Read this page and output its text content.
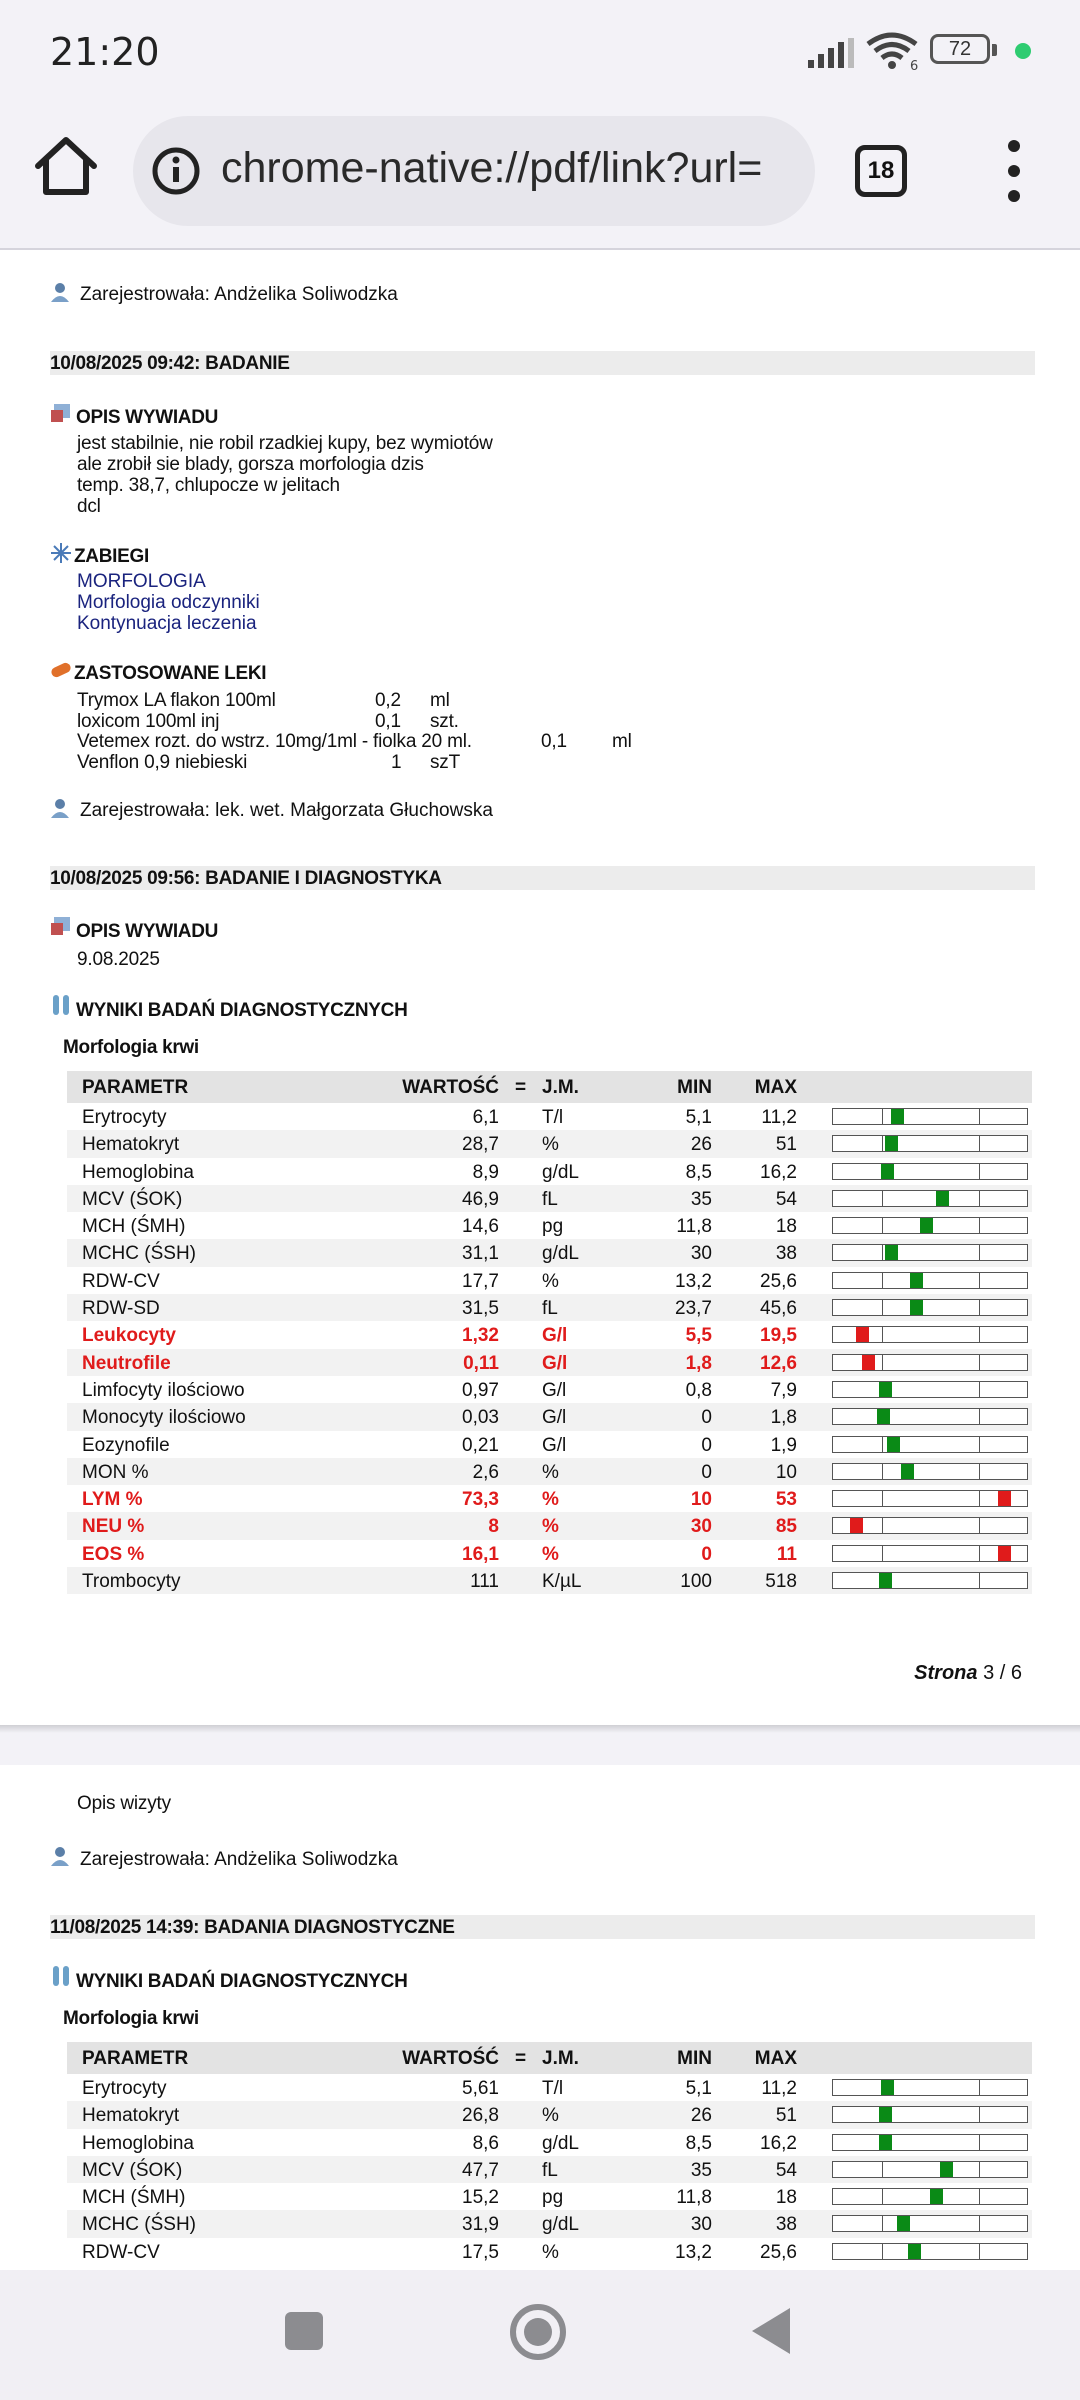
21:20	6
72
chrome-native://pdf/link?url=	18
Zarejestrowała: Andżelika Soliwodzka
10/08/2025 09:42: BADANIE
OPIS WYWIADU
jest stabilnie, nie robil rzadkiej kupy, bez wymiotów
ale zrobił sie blady, gorsza morfologia dzis
temp. 38,7, chlupocze w jelitach
dcl
ZABIEGI
MORFOLOGIA
Morfologia odczynniki
Kontynuacja leczenia
ZASTOSOWANE LEKI
Trymox LA flakon 100ml	0,2 ml
loxicom 100ml inj	0,1 szt.
Vetemex rozt. do wstrz. 10mg/1ml - fiolka 20 ml.	0,1 ml
Venflon 0,9 niebieski	1 szT
Zarejestrowała: lek. wet. Małgorzata Głuchowska
10/08/2025 09:56: BADANIE I DIAGNOSTYKA
OPIS WYWIADU
9.08.2025
WYNIKI BADAŃ DIAGNOSTYCZNYCH
Morfologia krwi
PARAMETR	WARTOŚĆ = J.M.	MIN MAX
Erytrocyty	6,1 T/l	5,1	11,2
Hematokryt	28,7 %	26	51
Hemoglobina	8,9 g/dL	8,5	16,2
MCV (ŚOK)	46,9 fL	35	54
MCH (ŚMH)	14,6 pg	11,8	18
MCHC (ŚSH)	31,1 g/dL	30	38
RDW-CV	17,7 %	13,2	25,6
RDW-SD	31,5 fL	23,7	45,6
Leukocyty	1,32 G/l	5,5	19,5
Neutrofile	0,11 G/l	1,8	12,6
Limfocyty ilościowo	0,97 G/l	0,8	7,9
Monocyty ilościowo	0,03 G/l	0	1,8
Eozynofile	0,21 G/l	0	1,9
MON %	2,6 %	0	10
LYM %	73,3 %	10	53
NEU %	8 %	30	85
EOS %	16,1 %	0	11
Trombocyty	111 K/µL	100	518
Strona 3 / 6
Opis wizyty
Zarejestrowała: Andżelika Soliwodzka
11/08/2025 14:39: BADANIA DIAGNOSTYCZNE
WYNIKI BADAŃ DIAGNOSTYCZNYCH
Morfologia krwi
PARAMETR	WARTOŚĆ = J.M.	MIN MAX
Erytrocyty	5,61 T/l	5,1	11,2
Hematokryt	26,8 %	26	51
Hemoglobina	8,6 g/dL	8,5	16,2
MCV (ŚOK)	47,7 fL	35	54
MCH (ŚMH)	15,2 pg	11,8	18
MCHC (ŚSH)	31,9 g/dL	30	38
RDW-CV	17,5 %	13,2	25,6
